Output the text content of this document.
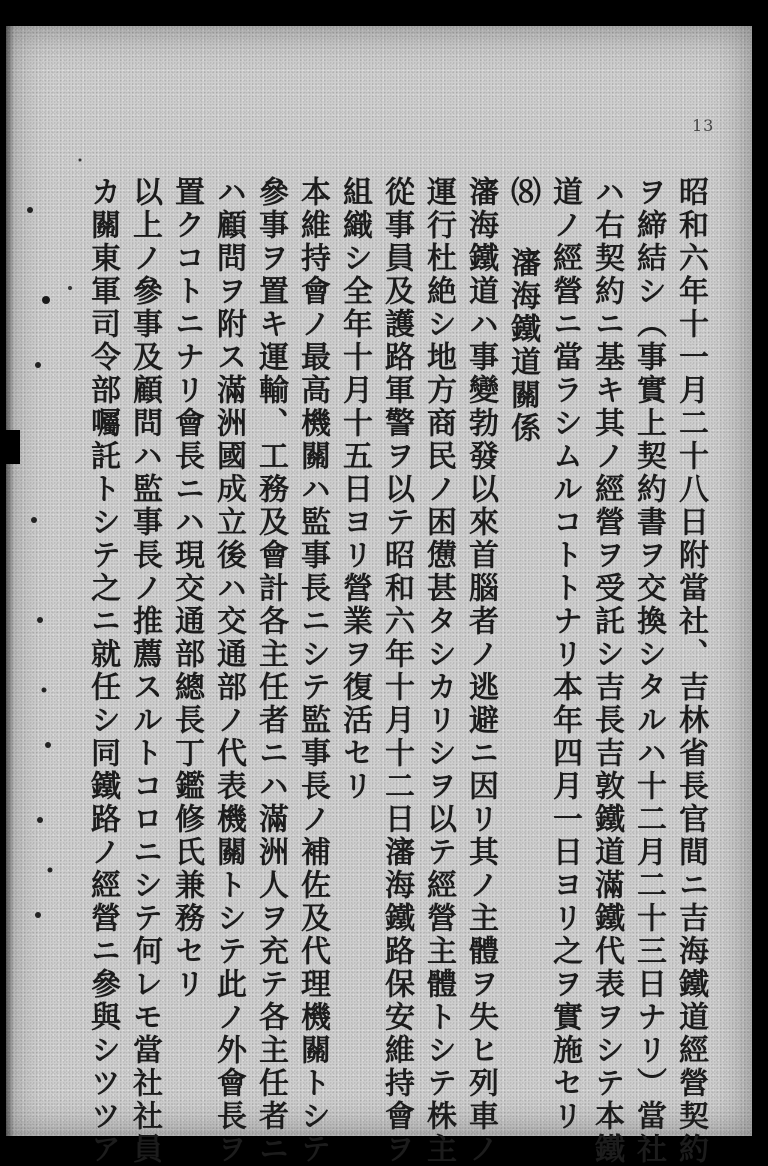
13
昭和六年十一月二十八日附當社、吉林省長官間ニ吉海鐵道經營契約
ヲ締結シ（事實上契約書ヲ交換シタルハ十二月二十三日ナリ）當社
ハ右契約ニ基キ其ノ經營ヲ受託シ吉長吉敦鐵道滿鐵代表ヲシテ本鐵
道ノ經營ニ當ラシムルコトトナリ本年四月一日ヨリ之ヲ實施セリ
⑻ 瀋海鐵道關係
瀋海鐵道ハ事變勃發以來首腦者ノ逃避ニ因リ其ノ主體ヲ失ヒ列車ノ
運行杜絶シ地方商民ノ困憊甚タシカリシヲ以テ經營主體トシテ株主
從事員及護路軍警ヲ以テ昭和六年十月十二日瀋海鐵路保安維持會ヲ
組織シ全年十月十五日ヨリ營業ヲ復活セリ
本維持會ノ最高機關ハ監事長ニシテ監事長ノ補佐及代理機關トシテ
參事ヲ置キ運輸、工務及會計各主任者ニハ滿洲人ヲ充テ各主任者ニ
ハ顧問ヲ附ス滿洲國成立後ハ交通部ノ代表機關トシテ此ノ外會長ヲ
置クコトニナリ會長ニハ現交通部總長丁鑑修氏兼務セリ
以上ノ參事及顧問ハ監事長ノ推薦スルトコロニシテ何レモ當社社員
カ關東軍司令部囑託トシテ之ニ就任シ同鐵路ノ經營ニ參與シツツア
